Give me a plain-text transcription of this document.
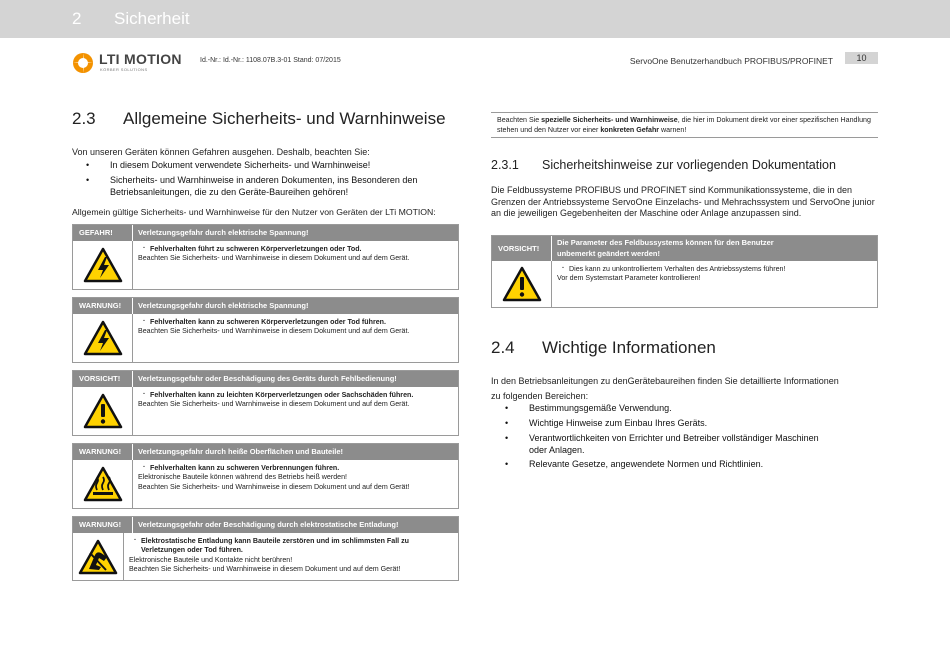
2 Sicherheit
LTI MOTION
KÖRBER SOLUTIONS
Id.-Nr.: Id.-Nr.: 1108.07B.3-01 Stand: 07/2015	ServoOne Benutzerhandbuch PROFIBUS/PROFINET	10
2.3 Allgemeine Sicherheits- und Warnhinweise
Von unseren Geräten können Gefahren ausgehen. Deshalb, beachten Sie:
• In diesem Dokument verwendete Sicherheits- und Warnhinweise!
• Sicherheits- und Warnhinweise in anderen Dokumenten, ins Besonderen den Betriebsanleitungen, die zu den Geräte-Baureihen gehören!
Allgemein gültige Sicherheits- und Warnhinweise für den Nutzer von Geräten der LTi MOTION:
GEFAHR!	Verletzungsgefahr durch elektrische Spannung!
· Fehlverhalten führt zu schweren Körperverletzungen oder Tod.
Beachten Sie Sicherheits- und Warnhinweise in diesem Dokument und auf dem Gerät.
WARNUNG!	Verletzungsgefahr durch elektrische Spannung!
· Fehlverhalten kann zu schweren Körperverletzungen oder Tod führen.
Beachten Sie Sicherheits- und Warnhinweise in diesem Dokument und auf dem Gerät.
VORSICHT!	Verletzungsgefahr oder Beschädigung des Geräts durch Fehlbedienung!
· Fehlverhalten kann zu leichten Körperverletzungen oder Sachschäden führen.
Beachten Sie Sicherheits- und Warnhinweise in diesem Dokument und auf dem Gerät.
WARNUNG!	Verletzungsgefahr durch heiße Oberflächen und Bauteile!
· Fehlverhalten kann zu schweren Verbrennungen führen.
Elektronische Bauteile können während des Betriebs heiß werden!
Beachten Sie Sicherheits- und Warnhinweise in diesem Dokument und auf dem Gerät!
WARNUNG!	Verletzungsgefahr oder Beschädigung durch elektrostatische Entladung!
· Elektrostatische Entladung kann Bauteile zerstören und im schlimmsten Fall zu Verletzungen oder Tod führen.
Elektronische Bauteile und Kontakte nicht berühren!
Beachten Sie Sicherheits- und Warnhinweise in diesem Dokument und auf dem Gerät!
Beachten Sie spezielle Sicherheits- und Warnhinweise, die hier im Dokument direkt vor einer spezifischen Handlung stehen und den Nutzer vor einer konkreten Gefahr warnen!
2.3.1 Sicherheitshinweise zur vorliegenden Dokumentation
Die Feldbussysteme PROFIBUS und PROFINET sind Kommunikationssysteme, die in den Grenzen der Antriebssysteme ServoOne Einzelachs- und Mehrachssystem und ServoOne junior an die jeweiligen Gegebenheiten der Maschine oder Anlage anzupassen sind.
VORSICHT!
Die Parameter des Feldbussystems können für den Benutzer
unbemerkt geändert werden!
· Dies kann zu unkontrolliertem Verhalten des Antriebssystems führen!
Vor dem Systemstart Parameter kontrollieren!
2.4 Wichtige Informationen
In den Betriebsanleitungen zu denGerätebaureihen finden Sie detaillierte Informationen
zu folgenden Bereichen:
• Bestimmungsgemäße Verwendung.
• Wichtige Hinweise zum Einbau Ihres Geräts.
• Verantwortlichkeiten von Errichter und Betreiber vollständiger Maschinen oder Anlagen.
• Relevante Gesetze, angewendete Normen und Richtlinien.
